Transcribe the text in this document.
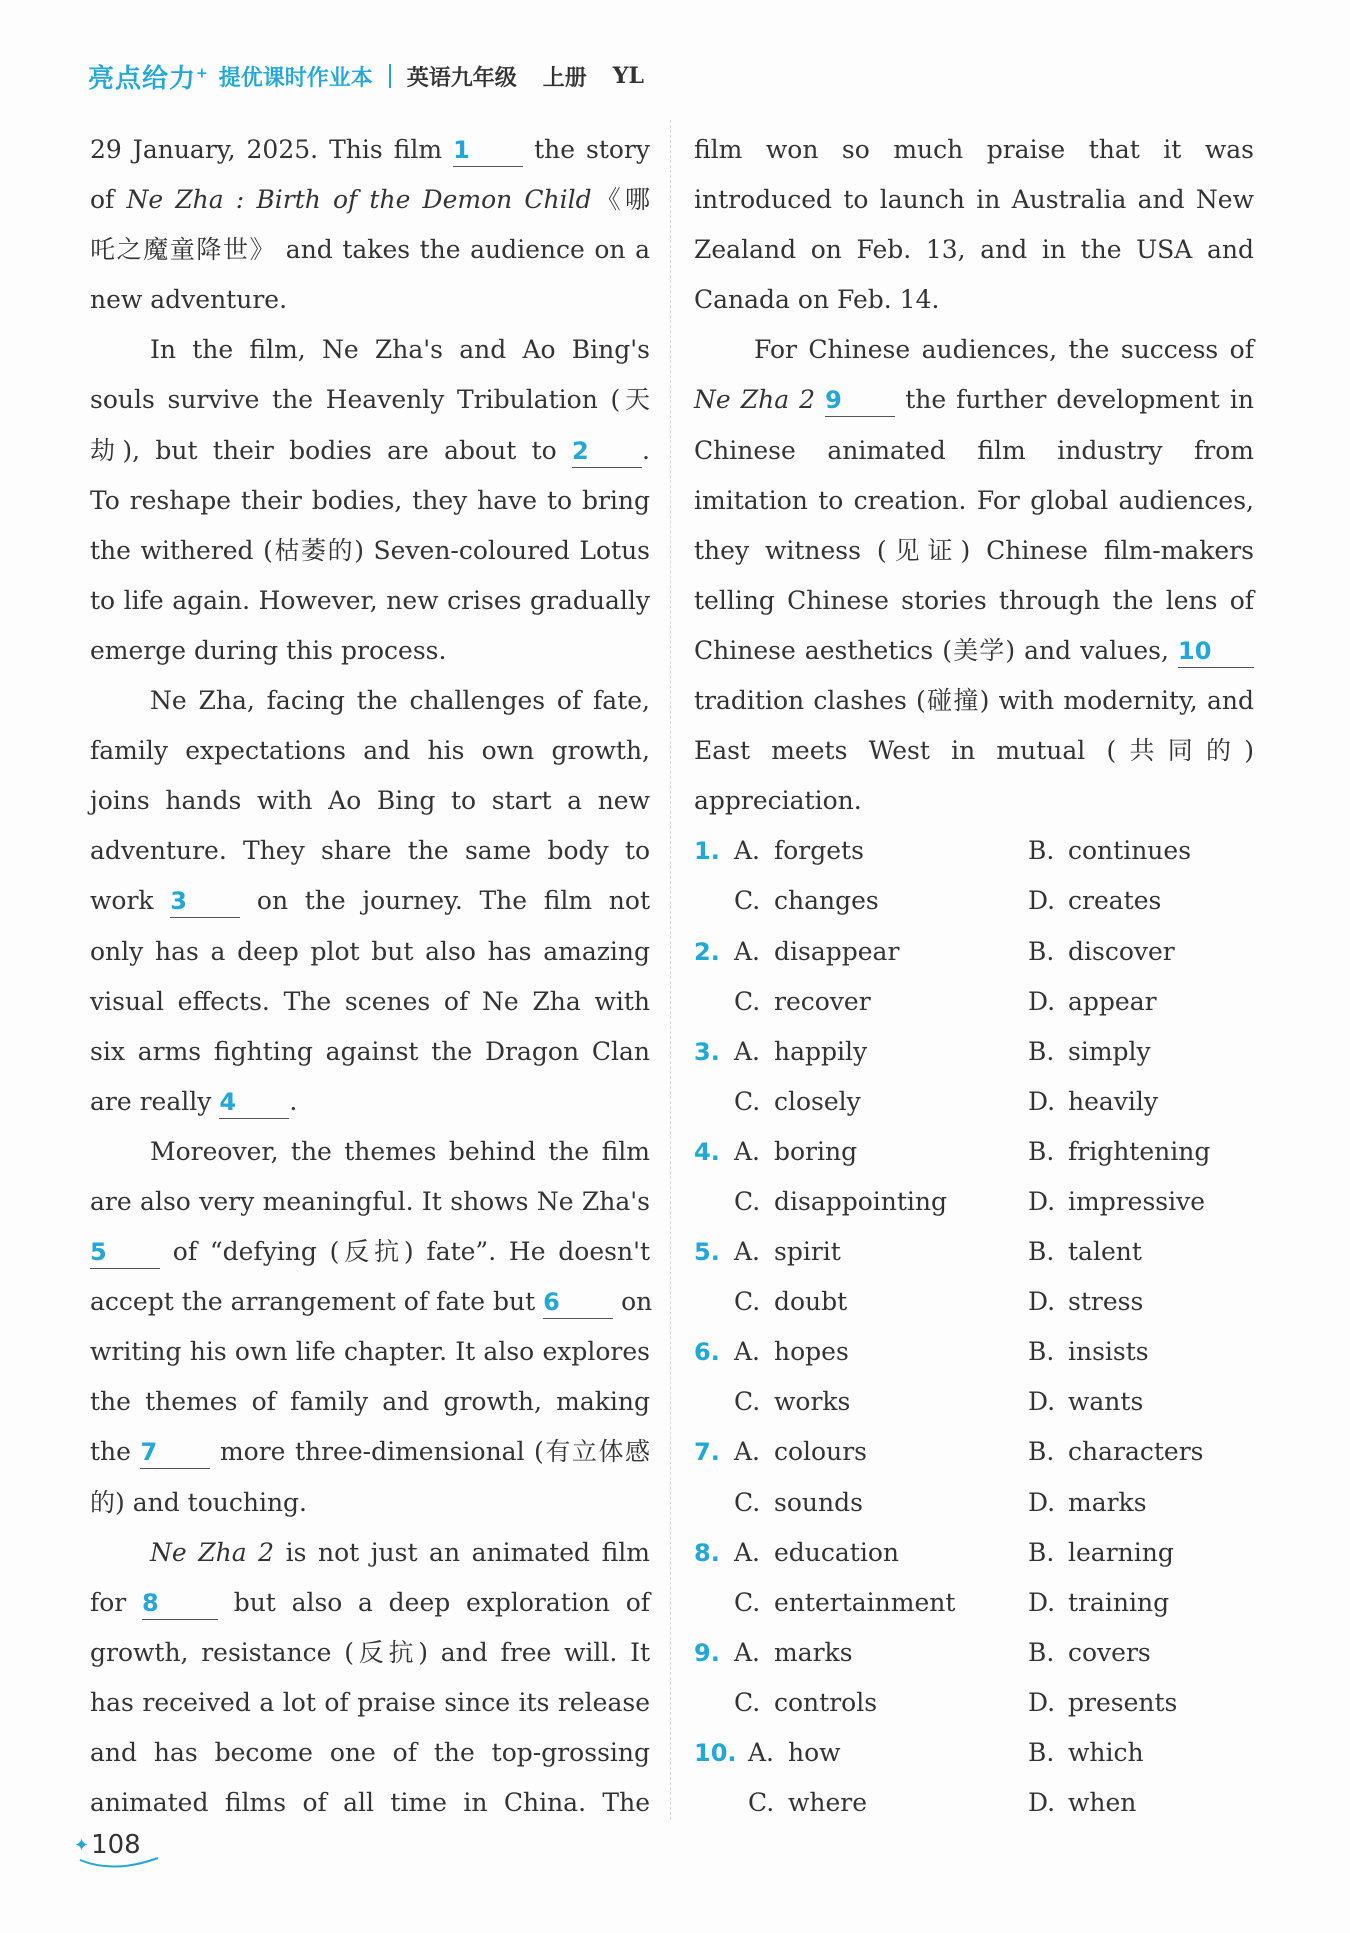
亮点给力+ 提优课时作业本 英语九年级 上册 YL
29 January, 2025. This film 1	the story
of Ne Zha : Birth of the Demon Child《哪
吒之魔童降世》 and takes the audience on a
new adventure.
In the film, Ne Zha's and Ao Bing's
souls survive the Heavenly Tribulation (天
劫), but their bodies are about to 2 .
To reshape their bodies, they have to bring
the withered (枯萎的) Seven-coloured Lotus
to life again. However, new crises gradually
emerge during this process.
Ne Zha, facing the challenges of fate,
family expectations and his own growth,
joins hands with Ao Bing to start a new
adventure. They share the same body to
work 3	on the journey. The film not
only has a deep plot but also has amazing
visual effects. The scenes of Ne Zha with
six arms fighting against the Dragon Clan
are really 4 .
Moreover, the themes behind the film
are also very meaningful. It shows Ne Zha's
5	of “defying (反抗) fate”. He doesn't
accept the arrangement of fate but 6 on
writing his own life chapter. It also explores
the themes of family and growth, making
the 7	more three-dimensional (有立体感
的) and touching.
Ne Zha 2 is not just an animated film
for 8	but also a deep exploration of
growth, resistance (反抗) and free will. It
has received a lot of praise since its release
and has become one of the top-grossing
animated films of all time in China. The
film won so much praise that it was
introduced to launch in Australia and New
Zealand on Feb. 13, and in the USA and
Canada on Feb. 14.
For Chinese audiences, the success of
Ne Zha 2 9	the further development in
Chinese animated film industry from
imitation to creation. For global audiences,
they witness (见证) Chinese film-makers
telling Chinese stories through the lens of
Chinese aesthetics (美学) and values, 10
tradition clashes (碰撞) with modernity, and
East meets West in mutual (共同的)
appreciation.
1. A. forgets	B. continues
C. changes	D. creates
2. A. disappear	B. discover
C. recover	D. appear
3. A. happily	B. simply
C. closely	D. heavily
4. A. boring	B. frightening
C. disappointing	D. impressive
5. A. spirit	B. talent
C. doubt	D. stress
6. A. hopes	B. insists
C. works	D. wants
7. A. colours	B. characters
C. sounds	D. marks
8. A. education	B. learning
C. entertainment	D. training
9. A. marks	B. covers
C. controls	D. presents
10. A. how	B. which
C. where	D. when
✦ 108
